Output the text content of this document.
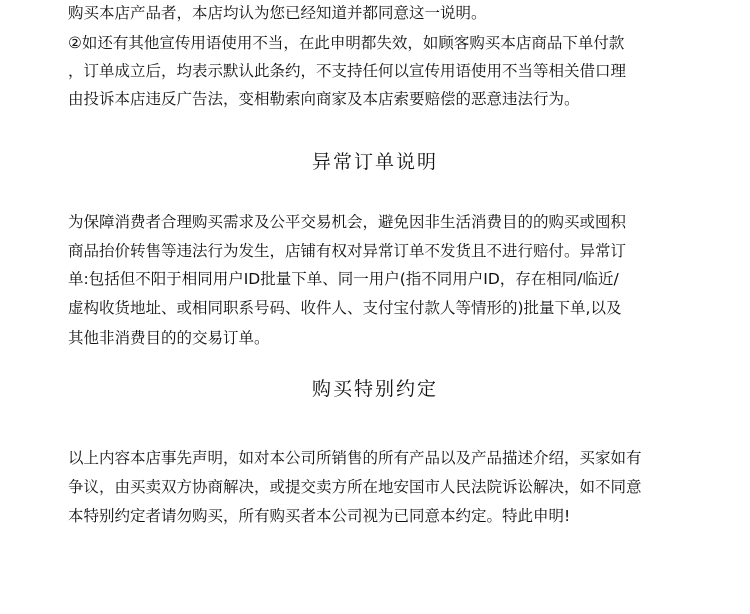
购买本店产品者，本店均认为您已经知道并都同意这一说明。
②如还有其他宣传用语使用不当，在此申明都失效，如顾客购买本店商品下单付款
，订单成立后，均表示默认此条约，不支持任何以宣传用语使用不当等相关借口理
由投诉本店违反广告法，变相勒索向商家及本店索要赔偿的恶意违法行为。
异常订单说明
为保障消费者合理购买需求及公平交易机会，避免因非生活消费目的的购买或囤积
商品抬价转售等违法行为发生，店铺有权对异常订单不发货且不进行赔付。异常订
单:包括但不阳于相同用户ID批量下单、同一用户(指不同用户ID，存在相同/临近/
虚构收货地址、或相同职系号码、收件人、支付宝付款人等情形的)批量下单,以及
其他非消费目的的交易订单。
购买特别约定
以上内容本店事先声明，如对本公司所销售的所有产品以及产品描述介绍，买家如有
争议，由买卖双方协商解决，或提交卖方所在地安国市人民法院诉讼解决，如不同意
本特别约定者请勿购买，所有购买者本公司视为已同意本约定。特此申明!
